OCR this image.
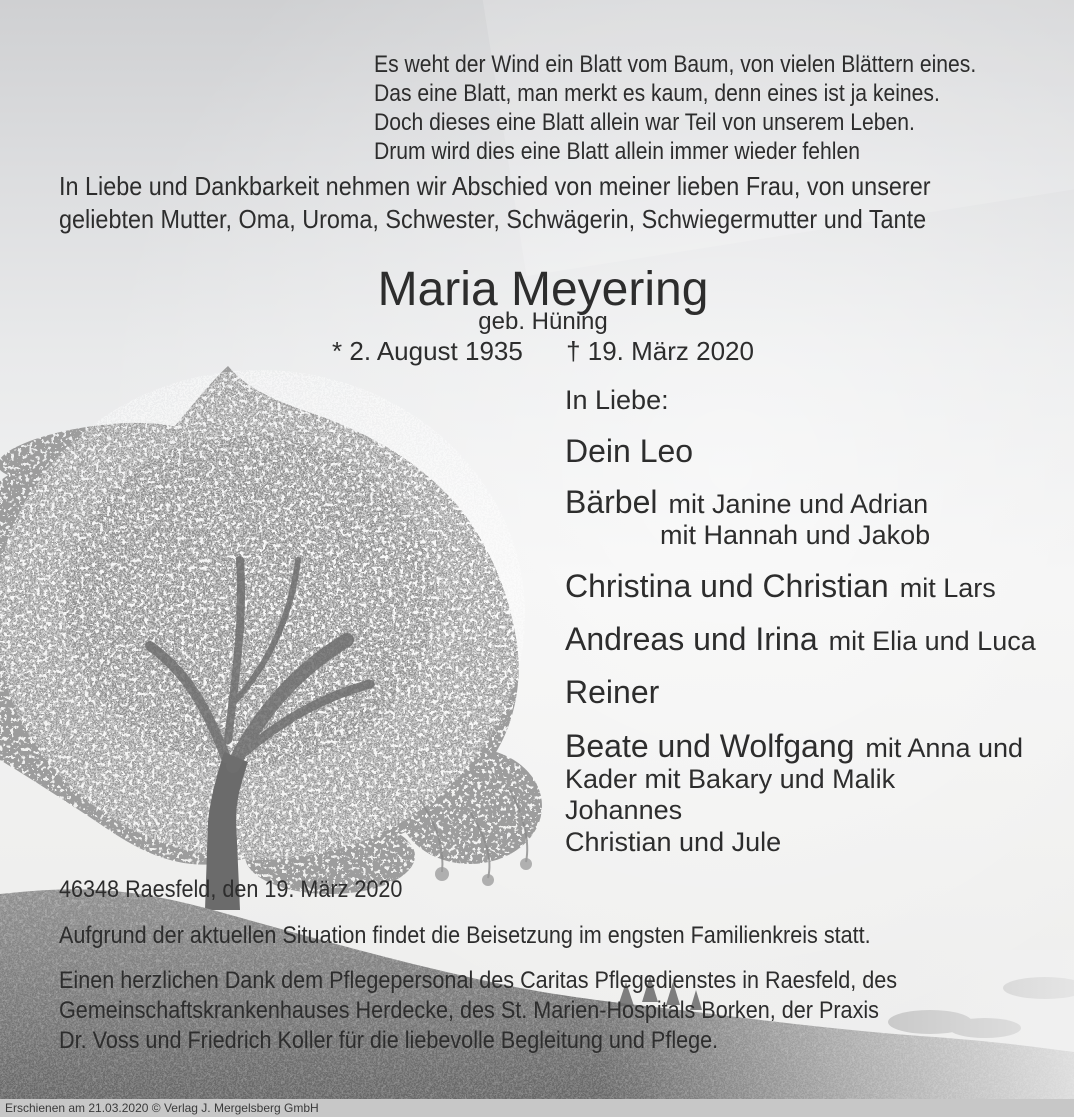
Es weht der Wind ein Blatt vom Baum, von vielen Blättern eines.
Das eine Blatt, man merkt es kaum, denn eines ist ja keines.
Doch dieses eine Blatt allein war Teil von unserem Leben.
Drum wird dies eine Blatt allein immer wieder fehlen
In Liebe und Dankbarkeit nehmen wir Abschied von meiner lieben Frau, von unserer
geliebten Mutter, Oma, Uroma, Schwester, Schwägerin, Schwiegermutter und Tante
Maria Meyering
geb. Hüning
* 2. August 1935 † 19. März 2020
In Liebe:
Dein Leo
Bärbel mit Janine und Adrian
mit Hannah und Jakob
Christina und Christian mit Lars
Andreas und Irina mit Elia und Luca
Reiner
Beate und Wolfgang mit Anna und
Kader mit Bakary und Malik
Johannes
Christian und Jule
46348 Raesfeld, den 19. März 2020
Aufgrund der aktuellen Situation findet die Beisetzung im engsten Familienkreis statt.
Einen herzlichen Dank dem Pflegepersonal des Caritas Pflegedienstes in Raesfeld, des
Gemeinschaftskrankenhauses Herdecke, des St. Marien-Hospitals Borken, der Praxis
Dr. Voss und Friedrich Koller für die liebevolle Begleitung und Pflege.
Erschienen am 21.03.2020 © Verlag J. Mergelsberg GmbH
